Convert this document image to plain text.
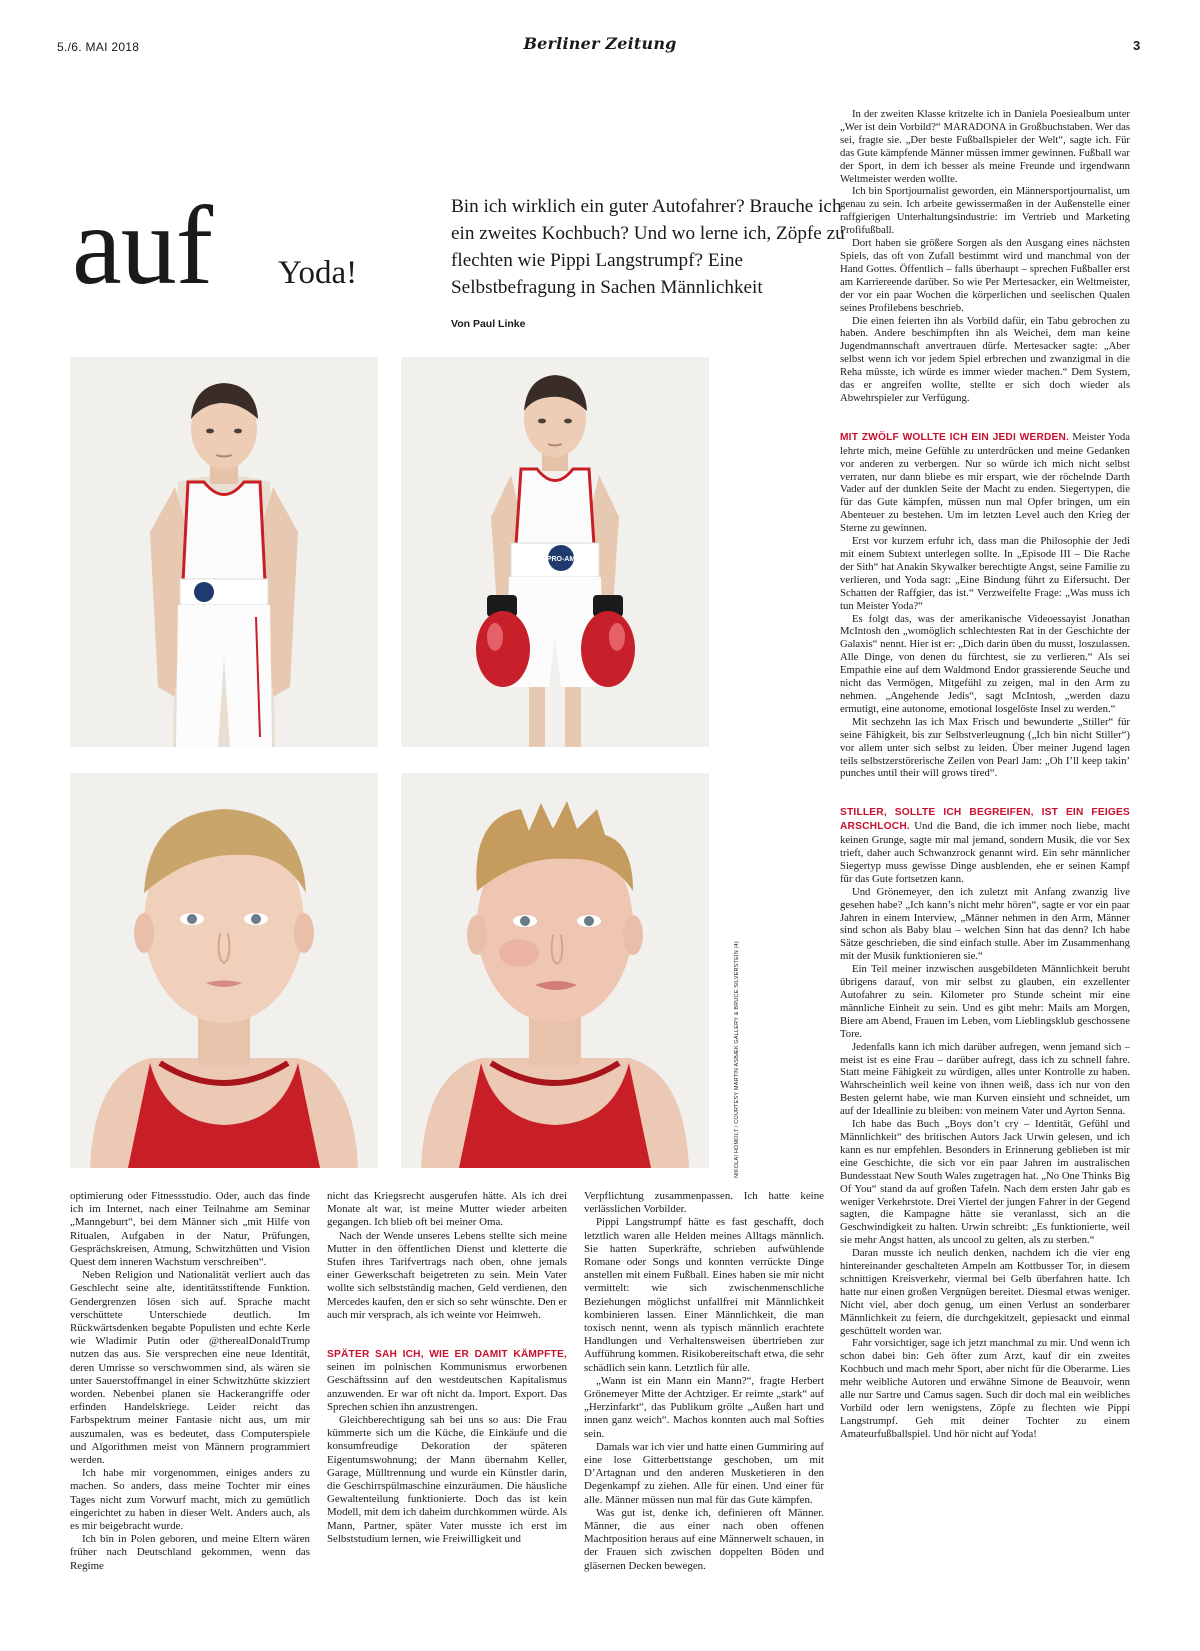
5./6. MAI 2018	Berliner Zeitung	3
auf Yoda!
Bin ich wirklich ein guter Autofahrer? Brauche ich ein zweites Kochbuch? Und wo lerne ich, Zöpfe zu flechten wie Pippi Langstrumpf? Eine Selbstbefragung in Sachen Männlichkeit
Von Paul Linke
PRO-AM
NIKOLAI HOMOLT / COURTESY MARTIN ASBÆK GALLERY & BRUCE SILVERSTEIN (4)

optimierung oder Fitnessstudio. Oder, auch das finde ich im Internet, nach einer Teilnahme am Seminar „Manngeburt“, bei dem Männer sich „mit Hilfe von Ritualen, Aufgaben in der Natur, Prüfungen, Gesprächskreisen, Atmung, Schwitzhütten und Vision Quest dem inneren Wachstum verschreiben“.

Neben Religion und Nationalität verliert auch das Geschlecht seine alte, identitätsstiftende Funktion. Gendergrenzen lösen sich auf. Sprache macht verschüttete Unterschiede deutlich. Im Rückwärtsdenken begabte Populisten und echte Kerle wie Wladimir Putin oder @therealDonaldTrump nutzen das aus. Sie versprechen eine neue Identität, deren Umrisse so verschwommen sind, als wären sie unter Sauerstoffmangel in einer Schwitzhütte skizziert worden. Nebenbei planen sie Hackerangriffe oder erfinden Handelskriege. Leider reicht das Farbspektrum meiner Fantasie nicht aus, um mir auszumalen, was es bedeutet, dass Computerspiele und Algorithmen meist von Männern programmiert werden.

Ich habe mir vorgenommen, einiges anders zu machen. So anders, dass meine Tochter mir eines Tages nicht zum Vorwurf macht, mich zu gemütlich eingerichtet zu haben in dieser Welt. Anders auch, als es mir beigebracht wurde.

Ich bin in Polen geboren, und meine Eltern wären früher nach Deutschland gekommen, wenn das Regime

nicht das Kriegsrecht ausgerufen hätte. Als ich drei Monate alt war, ist meine Mutter wieder arbeiten gegangen. Ich blieb oft bei meiner Oma.

Nach der Wende unseres Lebens stellte sich meine Mutter in den öffentlichen Dienst und kletterte die Stufen ihres Tarifvertrags nach oben, ohne jemals einer Gewerkschaft beigetreten zu sein. Mein Vater wollte sich selbstständig machen, Geld verdienen, den Mercedes kaufen, den er sich so sehr wünschte. Den er auch mir versprach, als ich weinte vor Heimweh.

SPÄTER SAH ICH, WIE ER DAMIT KÄMPFTE, seinen im polnischen Kommunismus erworbenen Geschäftssinn auf den westdeutschen Kapitalismus anzuwenden. Er war oft nicht da. Import. Export. Das Sprechen schien ihn anzustrengen.

Gleichberechtigung sah bei uns so aus: Die Frau kümmerte sich um die Küche, die Einkäufe und die konsumfreudige Dekoration der späteren Eigentumswohnung; der Mann übernahm Keller, Garage, Mülltrennung und wurde ein Künstler darin, die Geschirrspülmaschine einzuräumen. Die häusliche Gewaltenteilung funktionierte. Doch das ist kein Modell, mit dem ich daheim durchkommen würde. Als Mann, Partner, später Vater musste ich erst im Selbststudium lernen, wie Freiwilligkeit und

Verpflichtung zusammenpassen. Ich hatte keine verlässlichen Vorbilder.

Pippi Langstrumpf hätte es fast geschafft, doch letztlich waren alle Helden meines Alltags männlich. Sie hatten Superkräfte, schrieben aufwühlende Romane oder Songs und konnten verrückte Dinge anstellen mit einem Fußball. Eines haben sie mir nicht vermittelt: wie sich zwischenmenschliche Beziehungen möglichst unfallfrei mit Männlichkeit kombinieren lassen. Einer Männlichkeit, die man toxisch nennt, wenn als typisch männlich erachtete Handlungen und Verhaltensweisen übertrieben zur Aufführung kommen. Risikobereitschaft etwa, die sehr schädlich sein kann. Letztlich für alle.

„Wann ist ein Mann ein Mann?“, fragte Herbert Grönemeyer Mitte der Achtziger. Er reimte „stark“ auf „Herzinfarkt“, das Publikum grölte „Außen hart und innen ganz weich“. Machos konnten auch mal Softies sein.

Damals war ich vier und hatte einen Gummiring auf eine lose Gitterbettstange geschoben, um mit D’Artagnan und den anderen Musketieren in den Degenkampf zu ziehen. Alle für einen. Und einer für alle. Männer müssen nun mal für das Gute kämpfen.

Was gut ist, denke ich, definieren oft Männer. Männer, die aus einer nach oben offenen Machtposition heraus auf eine Männerwelt schauen, in der Frauen sich zwischen doppelten Böden und gläsernen Decken bewegen.

In der zweiten Klasse kritzelte ich in Daniela Poesiealbum unter „Wer ist dein Vorbild?“ MARADONA in Großbuchstaben. Wer das sei, fragte sie. „Der beste Fußballspieler der Welt“, sagte ich. Für das Gute kämpfende Männer müssen immer gewinnen. Fußball war der Sport, in dem ich besser als meine Freunde und irgendwann Weltmeister werden wollte.

Ich bin Sportjournalist geworden, ein Männersportjournalist, um genau zu sein. Ich arbeite gewissermaßen in der Außenstelle einer raffgierigen Unterhaltungsindustrie: im Vertrieb und Marketing Profifußball.

Dort haben sie größere Sorgen als den Ausgang eines nächsten Spiels, das oft von Zufall bestimmt wird und manchmal von der Hand Gottes. Öffentlich – falls überhaupt – sprechen Fußballer erst am Karriereende darüber. So wie Per Mertesacker, ein Weltmeister, der vor ein paar Wochen die körperlichen und seelischen Qualen seines Profilebens beschrieb.

Die einen feierten ihn als Vorbild dafür, ein Tabu gebrochen zu haben. Andere beschimpften ihn als Weichei, dem man keine Jugendmannschaft anvertrauen dürfe. Mertesacker sagte: „Aber selbst wenn ich vor jedem Spiel erbrechen und zwanzigmal in die Reha müsste, ich würde es immer wieder machen.“ Dem System, das er angreifen wollte, stellte er sich doch wieder als Abwehrspieler zur Verfügung.

MIT ZWÖLF WOLLTE ICH EIN JEDI WERDEN. Meister Yoda lehrte mich, meine Gefühle zu unterdrücken und meine Gedanken vor anderen zu verbergen. Nur so würde ich mich nicht selbst verraten, nur dann bliebe es mir erspart, wie der röchelnde Darth Vader auf der dunklen Seite der Macht zu enden. Siegertypen, die für das Gute kämpfen, müssen nun mal Opfer bringen, um ein Abenteuer zu bestehen. Um im letzten Level auch den Krieg der Sterne zu gewinnen.

Erst vor kurzem erfuhr ich, dass man die Philosophie der Jedi mit einem Subtext unterlegen sollte. In „Episode III – Die Rache der Sith“ hat Anakin Skywalker berechtigte Angst, seine Familie zu verlieren, und Yoda sagt: „Eine Bindung führt zu Eifersucht. Der Schatten der Raffgier, das ist.“ Verzweifelte Frage: „Was muss ich tun Meister Yoda?“

Es folgt das, was der amerikanische Videoessayist Jonathan McIntosh den „womöglich schlechtesten Rat in der Geschichte der Galaxis“ nennt. Hier ist er: „Dich darin üben du musst, loszulassen. Alle Dinge, von denen du fürchtest, sie zu verlieren.“ Als sei Empathie eine auf dem Waldmond Endor grassierende Seuche und nicht das Vermögen, Mitgefühl zu zeigen, mal in den Arm zu nehmen. „Angehende Jedis“, sagt McIntosh, „werden dazu ermutigt, eine autonome, emotional losgelöste Insel zu werden.“

Mit sechzehn las ich Max Frisch und bewunderte „Stiller“ für seine Fähigkeit, bis zur Selbstverleugnung („Ich bin nicht Stiller“) vor allem unter sich selbst zu leiden. Über meiner Jugend lagen teils selbstzerstörerische Zeilen von Pearl Jam: „Oh I’ll keep takin’ punches until their will grows tired“.

STILLER, SOLLTE ICH BEGREIFEN, IST EIN FEIGES ARSCHLOCH. Und die Band, die ich immer noch liebe, macht keinen Grunge, sagte mir mal jemand, sondern Musik, die vor Sex trieft, daher auch Schwanzrock genannt wird. Ein sehr männlicher Siegertyp muss gewisse Dinge ausblenden, ehe er seinen Kampf für das Gute fortsetzen kann.

Und Grönemeyer, den ich zuletzt mit Anfang zwanzig live gesehen habe? „Ich kann’s nicht mehr hören“, sagte er vor ein paar Jahren in einem Interview, „Männer nehmen in den Arm, Männer sind schon als Baby blau – welchen Sinn hat das denn? Ich habe Sätze geschrieben, die sind einfach stulle. Aber im Zusammenhang mit der Musik funktionieren sie.“

Ein Teil meiner inzwischen ausgebildeten Männlichkeit beruht übrigens darauf, von mir selbst zu glauben, ein exzellenter Autofahrer zu sein. Kilometer pro Stunde scheint mir eine männliche Einheit zu sein. Und es gibt mehr: Mails am Morgen, Biere am Abend, Frauen im Leben, vom Lieblingsklub geschossene Tore.

Jedenfalls kann ich mich darüber aufregen, wenn jemand sich – meist ist es eine Frau – darüber aufregt, dass ich zu schnell fahre. Statt meine Fähigkeit zu würdigen, alles unter Kontrolle zu haben. Wahrscheinlich weil keine von ihnen weiß, dass ich nur von den Besten gelernt habe, wie man Kurven einsieht und schneidet, um auf der Ideallinie zu bleiben: von meinem Vater und Ayrton Senna.

Ich habe das Buch „Boys don’t cry – Identität, Gefühl und Männlichkeit“ des britischen Autors Jack Urwin gelesen, und ich kann es nur empfehlen. Besonders in Erinnerung geblieben ist mir eine Geschichte, die sich vor ein paar Jahren im australischen Bundesstaat New South Wales zugetragen hat. „No One Thinks Big Of You“ stand da auf großen Tafeln. Nach dem ersten Jahr gab es weniger Verkehrstote. Drei Viertel der jungen Fahrer in der Gegend sagten, die Kampagne hätte sie veranlasst, sich an die Geschwindigkeit zu halten. Urwin schreibt: „Es funktionierte, weil sie mehr Angst hatten, als uncool zu gelten, als zu sterben.“

Daran musste ich neulich denken, nachdem ich die vier eng hintereinander geschalteten Ampeln am Kottbusser Tor, in diesem schnittigen Kreisverkehr, viermal bei Gelb überfahren hatte. Ich hatte nur einen großen Vergnügen bereitet. Diesmal etwas weniger. Nicht viel, aber doch genug, um einen Verlust an sonderbarer Männlichkeit zu feiern, die durchgekitzelt, gepiesackt und einmal geschüttelt worden war.

Fahr vorsichtiger, sage ich jetzt manchmal zu mir. Und wenn ich schon dabei bin: Geh öfter zum Arzt, kauf dir ein zweites Kochbuch und mach mehr Sport, aber nicht für die Oberarme. Lies mehr weibliche Autoren und erwähne Simone de Beauvoir, wenn alle nur Sartre und Camus sagen. Such dir doch mal ein weibliches Vorbild oder lern wenigstens, Zöpfe zu flechten wie Pippi Langstrumpf. Geh mit deiner Tochter zu einem Amateurfußballspiel. Und hör nicht auf Yoda!
